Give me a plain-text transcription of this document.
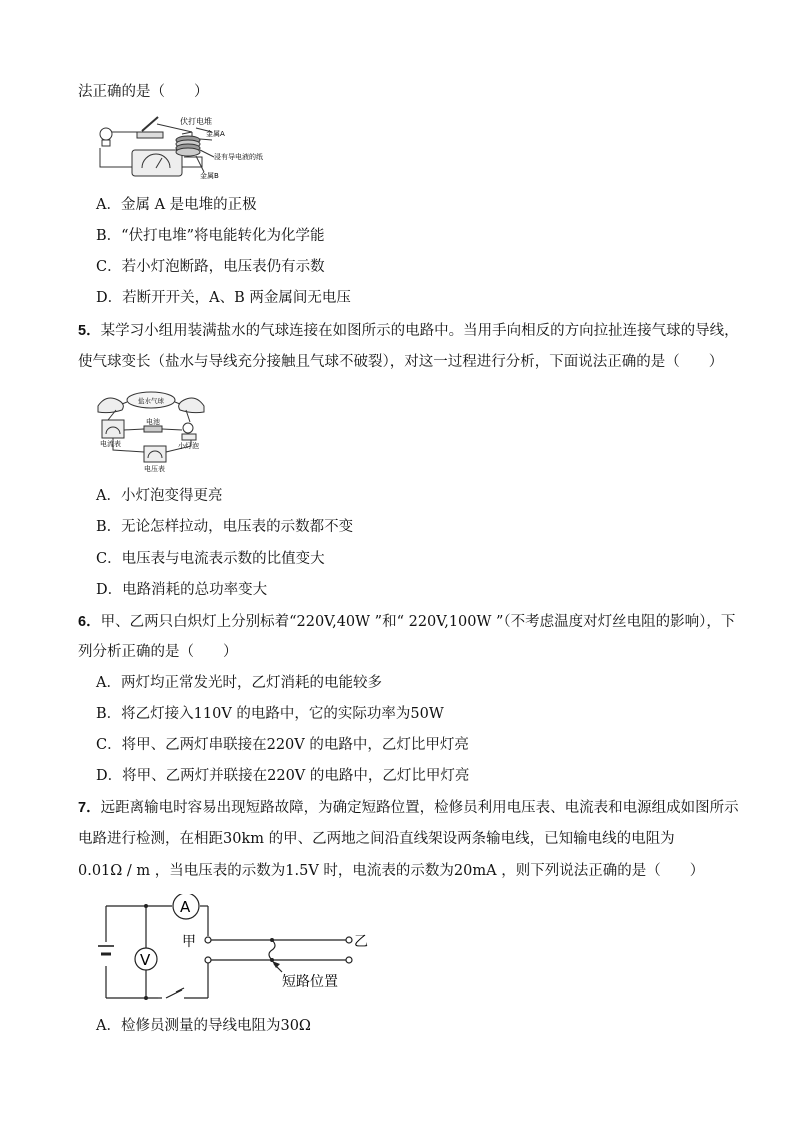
法正确的是（　　）
伏打电堆
金属A
浸有导电液的纸
金属B
A．金属 A 是电堆的正极
B．“伏打电堆”将电能转化为化学能
C．若小灯泡断路，电压表仍有示数
D．若断开开关，A、B 两金属间无电压
5．某学习小组用装满盐水的气球连接在如图所示的电路中。当用手向相反的方向拉扯连接气球的导线，
使气球变长（盐水与导线充分接触且气球不破裂），对这一过程进行分析，下面说法正确的是（　　）
盐水气球
电池
电流表	小灯泡
电压表
A．小灯泡变得更亮
B．无论怎样拉动，电压表的示数都不变
C．电压表与电流表示数的比值变大
D．电路消耗的总功率变大
6．甲、乙两只白炽灯上分别标着“220V,40W ”和“ 220V,100W ”（不考虑温度对灯丝电阻的影响），下
列分析正确的是（　　）
A．两灯均正常发光时，乙灯消耗的电能较多
B．将乙灯接入110V 的电路中，它的实际功率为50W
C．将甲、乙两灯串联接在220V 的电路中，乙灯比甲灯亮
D．将甲、乙两灯并联接在220V 的电路中，乙灯比甲灯亮
7．远距离输电时容易出现短路故障，为确定短路位置，检修员利用电压表、电流表和电源组成如图所示
电路进行检测，在相距30km 的甲、乙两地之间沿直线架设两条输电线，已知输电线的电阻为
0.01Ω / m ，当电压表的示数为1.5V 时，电流表的示数为20mA ，则下列说法正确的是（　　）
A
V
甲	乙
短路位置
A．检修员测量的导线电阻为30Ω
